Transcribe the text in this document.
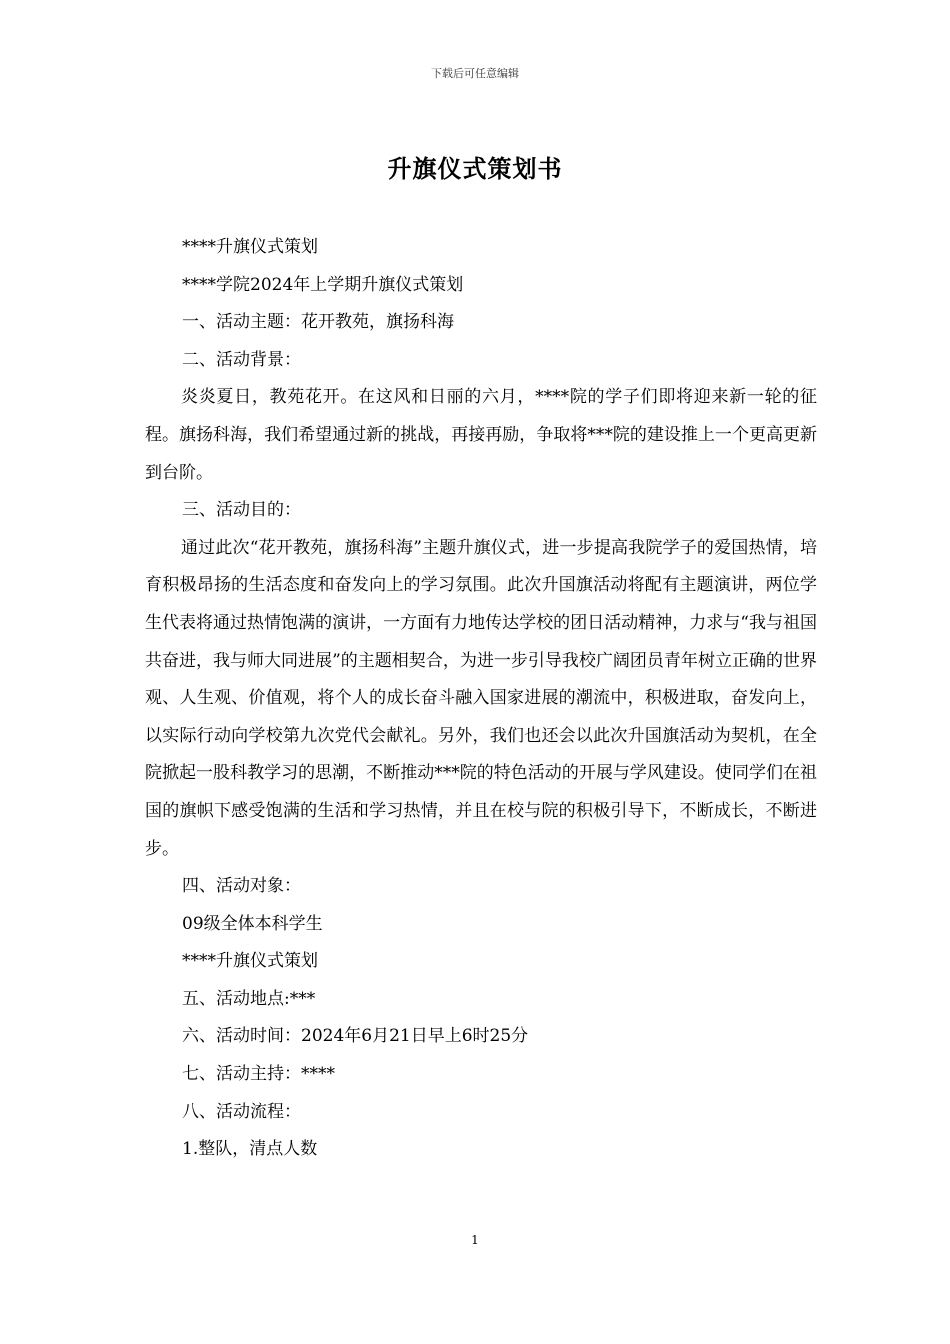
下载后可任意编辑
升旗仪式策划书

****升旗仪式策划

****学院2024年上学期升旗仪式策划

一、活动主题：花开教苑，旗扬科海

二、活动背景：

炎炎夏日，教苑花开。在这风和日丽的六月，****院的学子们即将迎来新一轮的征程。旗扬科海，我们希望通过新的挑战，再接再励，争取将***院的建设推上一个更高更新到台阶。

三、活动目的：

通过此次“花开教苑，旗扬科海”主题升旗仪式，进一步提高我院学子的爱国热情，培育积极昂扬的生活态度和奋发向上的学习氛围。此次升国旗活动将配有主题演讲，两位学生代表将通过热情饱满的演讲，一方面有力地传达学校的团日活动精神，力求与“我与祖国共奋进，我与师大同进展”的主题相契合，为进一步引导我校广阔团员青年树立正确的世界观、人生观、价值观，将个人的成长奋斗融入国家进展的潮流中，积极进取，奋发向上，以实际行动向学校第九次党代会献礼。另外，我们也还会以此次升国旗活动为契机，在全院掀起一股科教学习的思潮，不断推动***院的特色活动的开展与学风建设。使同学们在祖国的旗帜下感受饱满的生活和学习热情，并且在校与院的积极引导下，不断成长，不断进步。

四、活动对象：

09级全体本科学生

****升旗仪式策划

五、活动地点:***

六、活动时间：2024年6月21日早上6时25分

七、活动主持：****

八、活动流程：

1.整队，清点人数

1
